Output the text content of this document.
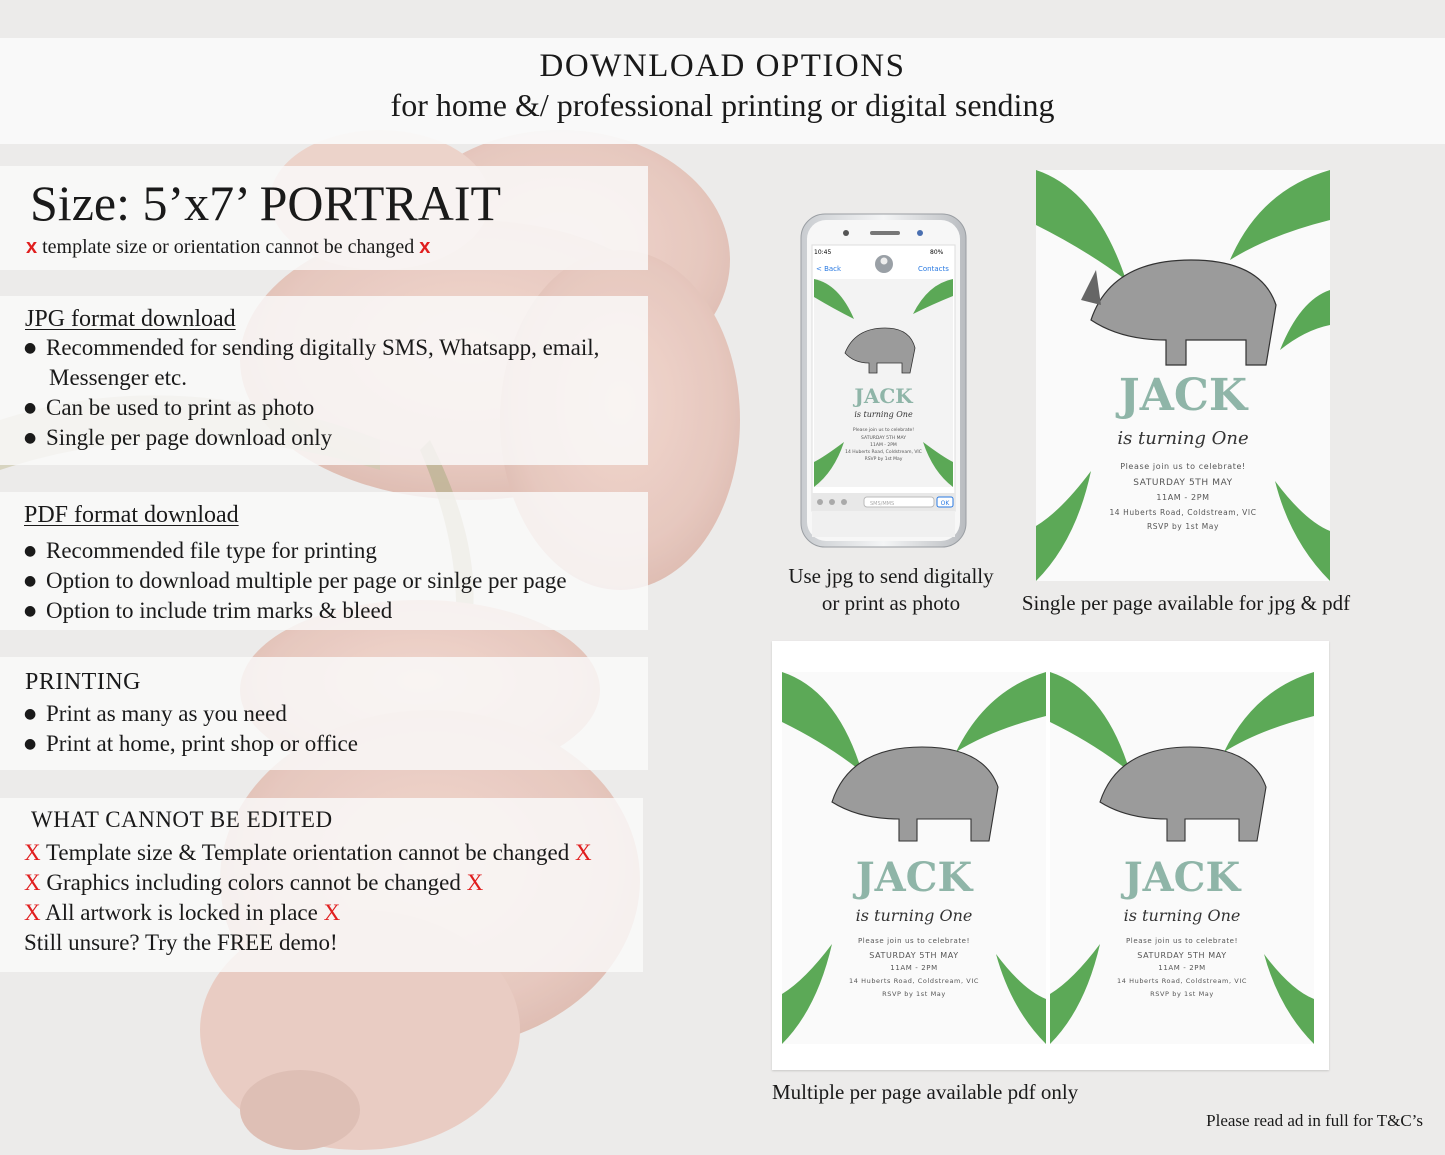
DOWNLOAD OPTIONS
for home &/ professional printing or digital sending
Size: 5’x7’ PORTRAIT
x template size or orientation cannot be changed x
JPG format download
● Recommended for sending digitally SMS, Whatsapp, email,
Messenger etc.
● Can be used to print as photo
● Single per page download only
PDF format download
● Recommended file type for printing
● Option to download multiple per page or sinlge per page
● Option to include trim marks & bleed
PRINTING
● Print as many as you need
● Print at home, print shop or office
WHAT CANNOT BE EDITED
X Template size & Template orientation cannot be changed X
X Graphics including colors cannot be changed X
X All artwork is locked in place X
Still unsure? Try the FREE demo!
10:45	80%
< Back	Contacts
JACK
is turning One
Please join us to celebrate!
SATURDAY 5TH MAY
11AM - 2PM
14 Huberts Road, Coldstream, VIC
RSVP by 1st May
SMS/MMS	OK
Use jpg to send digitally
or print as photo
JACK
is turning One
Please join us to celebrate!
SATURDAY 5TH MAY
11AM - 2PM
14 Huberts Road, Coldstream, VIC
RSVP by 1st May
Single per page available for jpg & pdf
JACK
is turning One
Please join us to celebrate!
SATURDAY 5TH MAY
11AM - 2PM
14 Huberts Road, Coldstream, VIC
RSVP by 1st May
JACK
is turning One
Please join us to celebrate!
SATURDAY 5TH MAY
11AM - 2PM
14 Huberts Road, Coldstream, VIC
RSVP by 1st May
Multiple per page available pdf only
Please read ad in full for T&C’s
